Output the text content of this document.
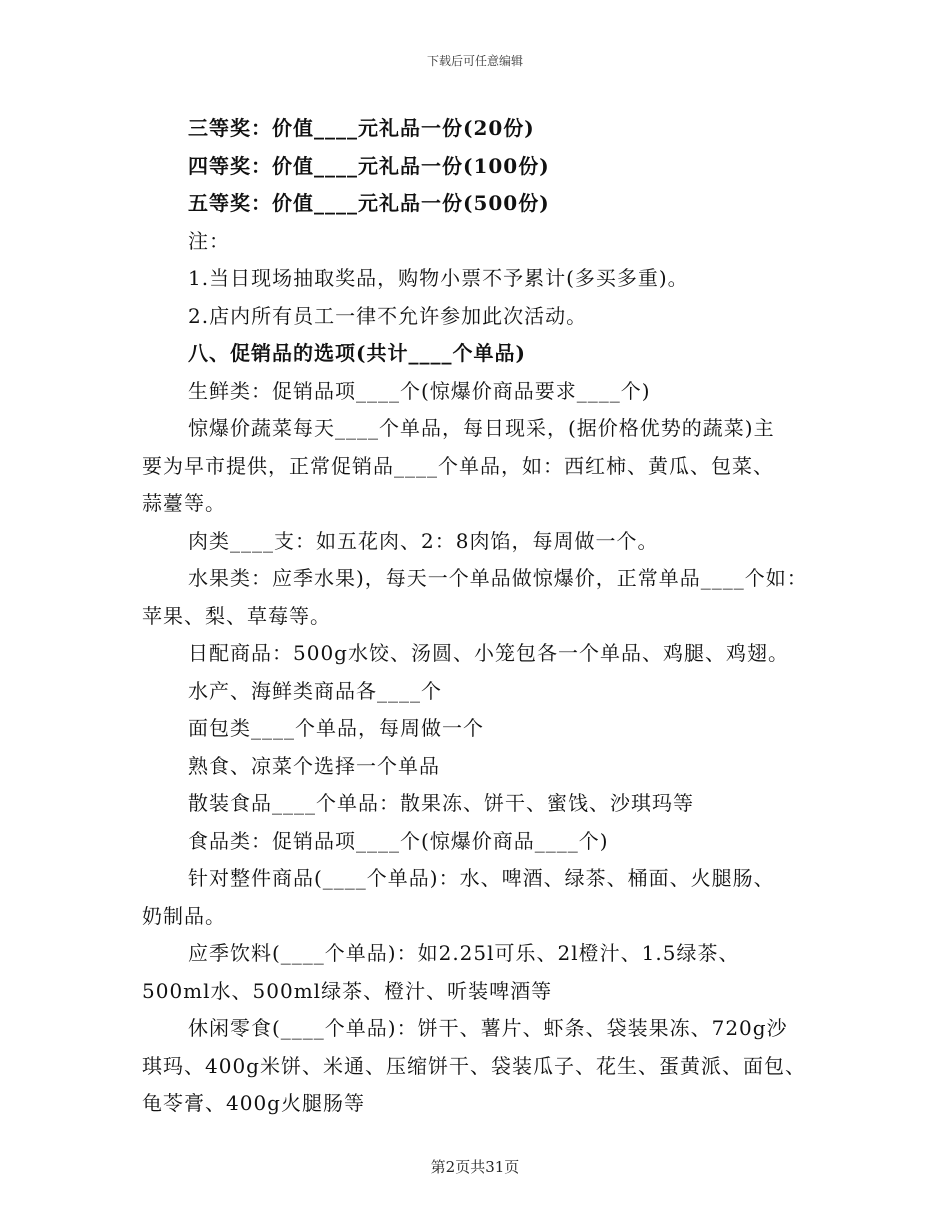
下载后可任意编辑
三等奖：价值____元礼品一份(20份)
四等奖：价值____元礼品一份(100份)
五等奖：价值____元礼品一份(500份)
注：
1.当日现场抽取奖品，购物小票不予累计(多买多重)。
2.店内所有员工一律不允许参加此次活动。
八、促销品的选项(共计____个单品)
生鲜类：促销品项____个(惊爆价商品要求____个)
惊爆价蔬菜每天____个单品，每日现采，(据价格优势的蔬菜)主
要为早市提供，正常促销品____个单品，如：西红柿、黄瓜、包菜、
蒜薹等。
肉类____支：如五花肉、2：8肉馅，每周做一个。
水果类：应季水果)，每天一个单品做惊爆价，正常单品____个如：
苹果、梨、草莓等。
日配商品：500g水饺、汤圆、小笼包各一个单品、鸡腿、鸡翅。
水产、海鲜类商品各____个
面包类____个单品，每周做一个
熟食、凉菜个选择一个单品
散装食品____个单品：散果冻、饼干、蜜饯、沙琪玛等
食品类：促销品项____个(惊爆价商品____个)
针对整件商品(____个单品)：水、啤酒、绿茶、桶面、火腿肠、
奶制品。
应季饮料(____个单品)：如2.25l可乐、2l橙汁、1.5绿茶、
500ml水、500ml绿茶、橙汁、听装啤酒等
休闲零食(____个单品)：饼干、薯片、虾条、袋装果冻、720g沙
琪玛、400g米饼、米通、压缩饼干、袋装瓜子、花生、蛋黄派、面包、
龟苓膏、400g火腿肠等
第2页共31页
